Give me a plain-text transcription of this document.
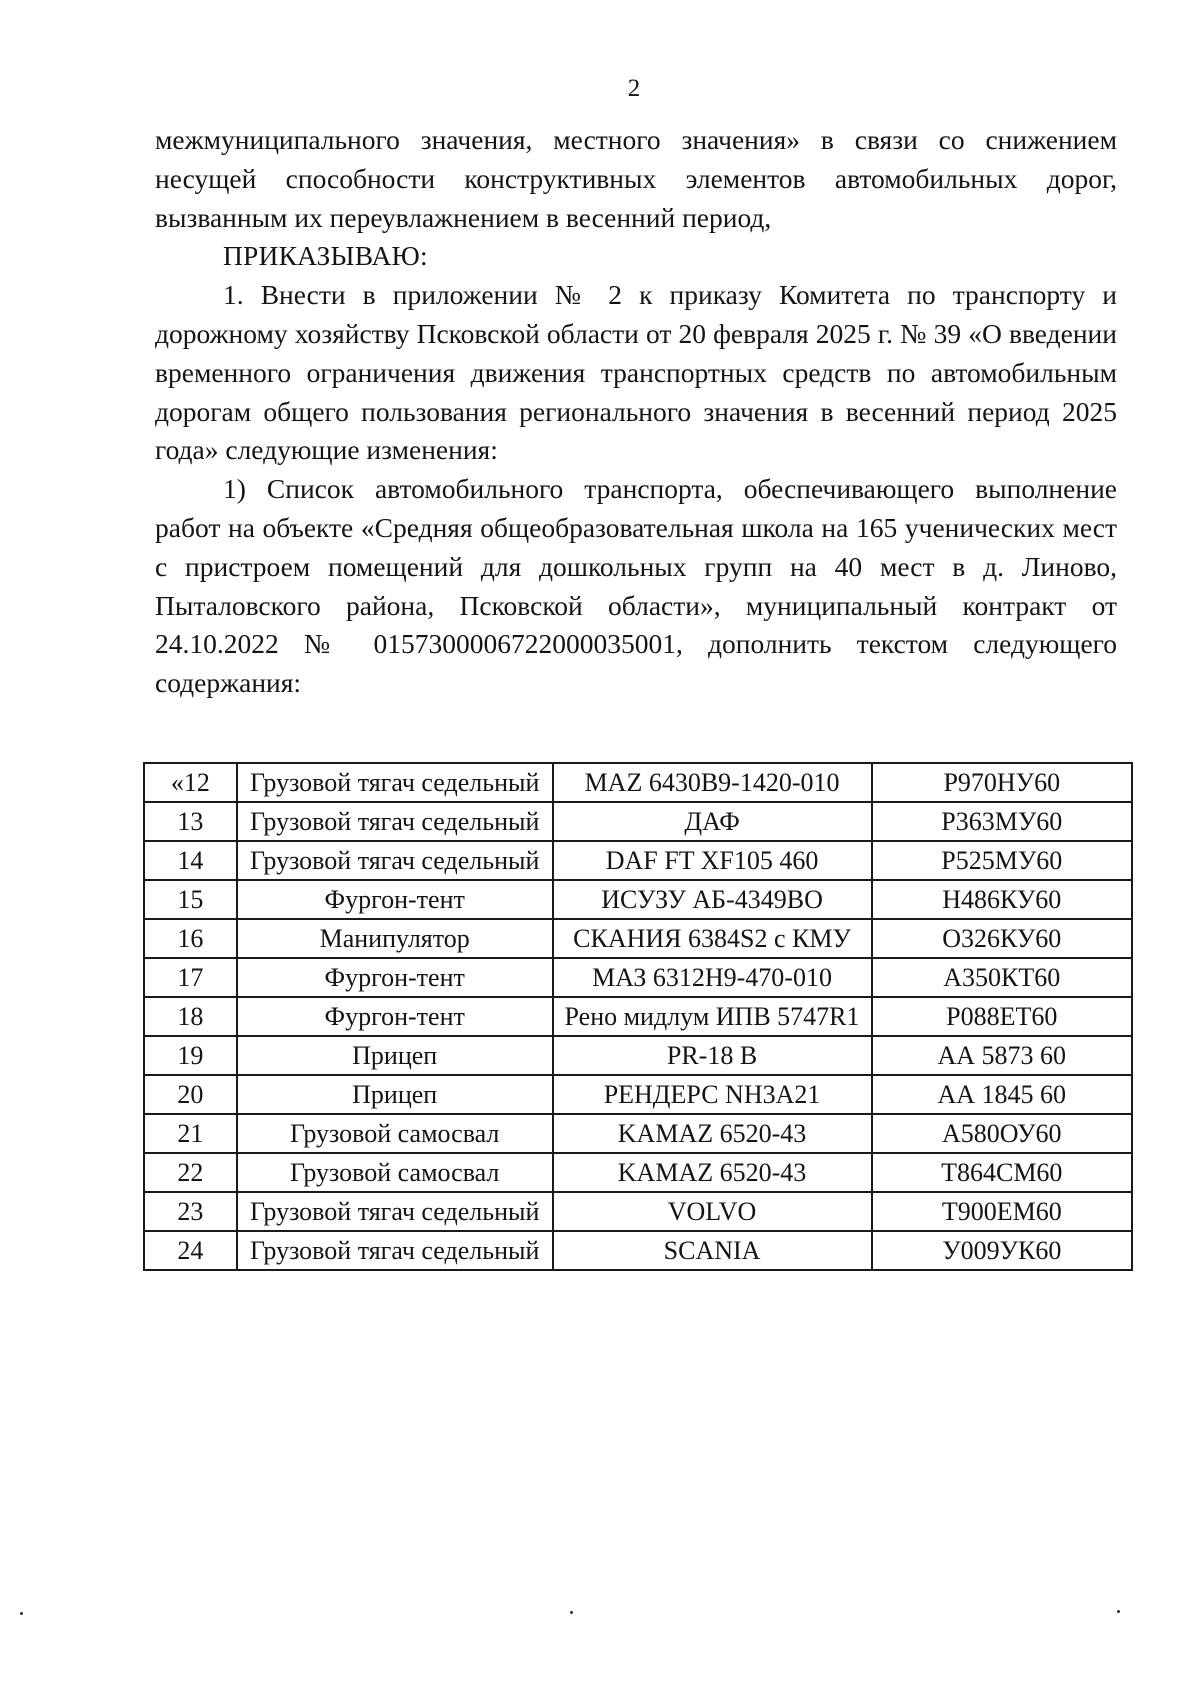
2

межмуниципального значения, местного значения» в связи со снижением несущей способности конструктивных элементов автомобильных дорог, вызванным их переувлажнением в весенний период,

ПРИКАЗЫВАЮ:

1. Внести в приложении № 2 к приказу Комитета по транспорту и дорожному хозяйству Псковской области от 20 февраля 2025 г. № 39 «О введении временного ограничения движения транспортных средств по автомобильным дорогам общего пользования регионального значения в весенний период 2025 года» следующие изменения:

1) Список автомобильного транспорта, обеспечивающего выполнение работ на объекте «Средняя общеобразовательная школа на 165 ученических мест с пристроем помещений для дошкольных групп на 40 мест в д. Линово, Пыталовского района, Псковской области», муниципальный контракт от 24.10.2022 № 0157300006722000035001, дополнить текстом следующего содержания:

«12	Грузовой тягач седельный	MAZ 6430B9-1420-010	Р970НУ60
13	Грузовой тягач седельный	ДАФ	Р363МУ60
14	Грузовой тягач седельный	DAF FT XF105 460	Р525МУ60
15	Фургон-тент	ИСУЗУ АБ-4349ВО	Н486КУ60
16	Манипулятор	СКАНИЯ 6384S2 с КМУ	О326КУ60
17	Фургон-тент	МАЗ 6312Н9-470-010	А350КТ60
18	Фургон-тент	Рено мидлум ИПВ 5747R1	Р088ЕТ60
19	Прицеп	PR-18 B	АА 5873 60
20	Прицеп	РЕНДЕРС NH3A21	АА 1845 60
21	Грузовой самосвал	KAMAZ 6520-43	А580ОУ60
22	Грузовой самосвал	KAMAZ 6520-43	Т864СМ60
23	Грузовой тягач седельный	VOLVO	Т900ЕМ60
24	Грузовой тягач седельный	SCANIA	У009УК60
